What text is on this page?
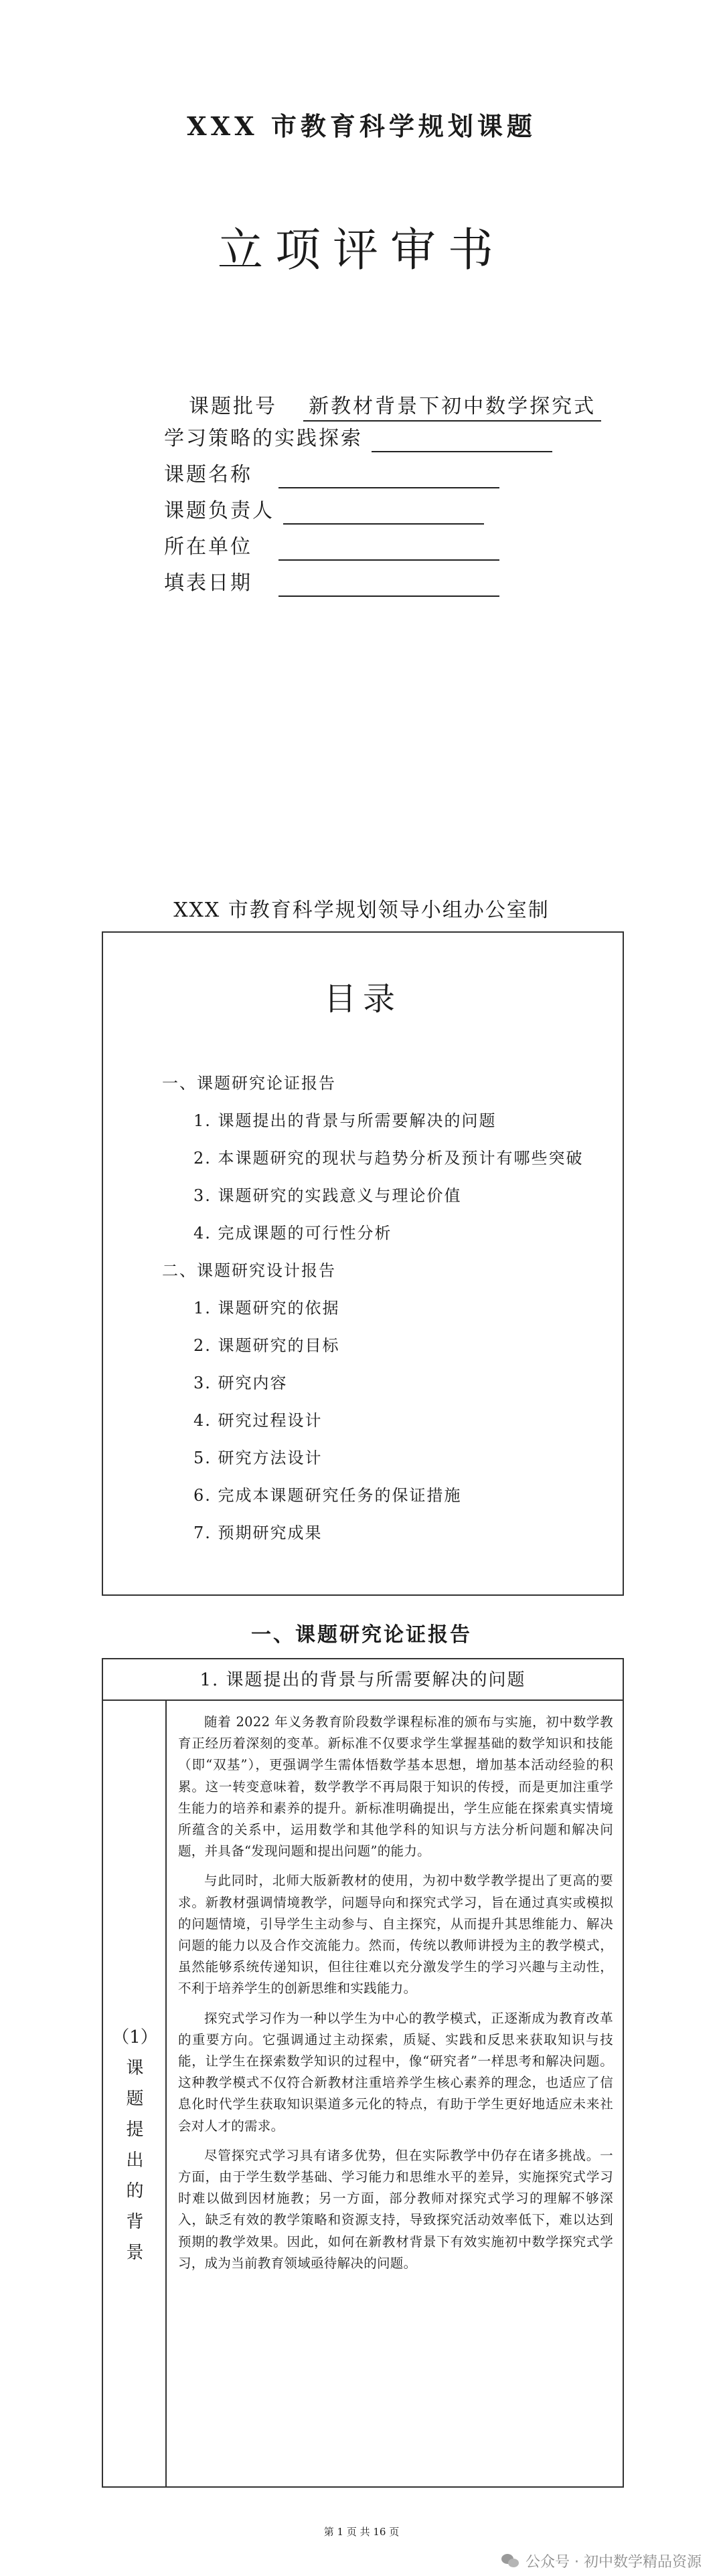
XXX 市教育科学规划课题
立项评审书
课题批号 新教材背景下初中数学探究式
学习策略的实践探索
课题名称
课题负责人
所在单位
填表日期
XXX 市教育科学规划领导小组办公室制
目录
一、课题研究论证报告
1. 课题提出的背景与所需要解决的问题
2. 本课题研究的现状与趋势分析及预计有哪些突破
3. 课题研究的实践意义与理论价值
4. 完成课题的可行性分析
二、课题研究设计报告
1. 课题研究的依据
2. 课题研究的目标
3. 研究内容
4. 研究过程设计
5. 研究方法设计
6. 完成本课题研究任务的保证措施
7. 预期研究成果
一、课题研究论证报告
1. 课题提出的背景与所需要解决的问题
（1）
课
题
提
出
的
背
景

随着 2022 年义务教育阶段数学课程标准的颁布与实施，初中数学教育正经历着深刻的变革。新标准不仅要求学生掌握基础的数学知识和技能（即“双基”），更强调学生需体悟数学基本思想，增加基本活动经验的积累。这一转变意味着，数学教学不再局限于知识的传授，而是更加注重学生能力的培养和素养的提升。新标准明确提出，学生应能在探索真实情境所蕴含的关系中，运用数学和其他学科的知识与方法分析问题和解决问题，并具备“发现问题和提出问题”的能力。

与此同时，北师大版新教材的使用，为初中数学教学提出了更高的要求。新教材强调情境教学，问题导向和探究式学习，旨在通过真实或模拟的问题情境，引导学生主动参与、自主探究，从而提升其思维能力、解决问题的能力以及合作交流能力。然而，传统以教师讲授为主的教学模式，虽然能够系统传递知识，但往往难以充分激发学生的学习兴趣与主动性，不利于培养学生的创新思维和实践能力。

探究式学习作为一种以学生为中心的教学模式，正逐渐成为教育改革的重要方向。它强调通过主动探索，质疑、实践和反思来获取知识与技能，让学生在探索数学知识的过程中，像“研究者”一样思考和解决问题。这种教学模式不仅符合新教材注重培养学生核心素养的理念，也适应了信息化时代学生获取知识渠道多元化的特点，有助于学生更好地适应未来社会对人才的需求。

尽管探究式学习具有诸多优势，但在实际教学中仍存在诸多挑战。一方面，由于学生数学基础、学习能力和思维水平的差异，实施探究式学习时难以做到因材施教；另一方面，部分教师对探究式学习的理解不够深入，缺乏有效的教学策略和资源支持，导致探究活动效率低下，难以达到预期的教学效果。因此，如何在新教材背景下有效实施初中数学探究式学习，成为当前教育领域亟待解决的问题。

第 1 页 共 16 页
公众号 · 初中数学精品资源
